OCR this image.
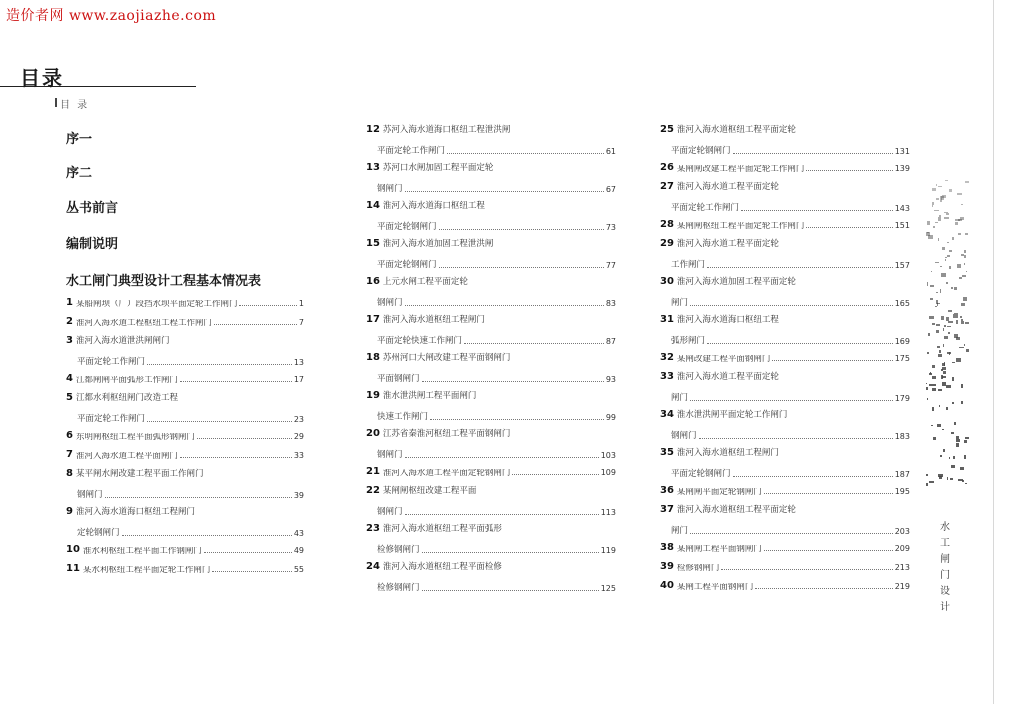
造价者网 www.zaojiazhe.com
目录
目 录
序一
序二
丛书前言
编制说明
水工闸门典型设计工程基本情况表
1 某船闸坝（厂）段挡水坝平面定轮工作闸门	1
2 淮河入海水道工程枢纽工程工作闸门	7
3 淮河入海水道泄洪闸闸门
平面定轮工作闸门	13
4 江都闸闸平面弧形工作闸门	17
5 江都水利枢纽闸门改造工程
平面定轮工作闸门	23
6 东明闸枢纽工程平面弧形钢闸门	29
7 淮河入海水道工程平面闸门	33
8 某平闸水闸改建工程平面工作闸门
钢闸门	39
9 淮河入海水道海口枢纽工程闸门
定轮钢闸门	43
10 淮水利枢纽工程平面工作钢闸门	49
11 某水利枢纽工程平面定轮工作闸门	55
12 苏河入海水道海口枢纽工程泄洪闸
平面定轮工作闸门	61
13 苏河口水闸加固工程平面定轮
钢闸门	67
14 淮河入海水道海口枢纽工程
平面定轮钢闸门	73
15 淮河入海水道加固工程泄洪闸
平面定轮钢闸门	77
16 上元水闸工程平面定轮
钢闸门	83
17 淮河入海水道枢纽工程闸门
平面定轮快速工作闸门	87
18 苏州河口大闸改建工程平面钢闸门
平面钢闸门	93
19 淮水泄洪闸工程平面闸门
快速工作闸门	99
20 江苏省秦淮河枢纽工程平面钢闸门
钢闸门	103
21 淮河入海水道工程平面定轮钢闸门	109
22 某闸闸枢纽改建工程平面
钢闸门	113
23 淮河入海水道枢纽工程平面弧形
检修钢闸门	119
24 淮河入海水道枢纽工程平面检修
检修钢闸门	125
25 淮河入海水道枢纽工程平面定轮
平面定轮钢闸门	131
26 某闸闸改建工程平面定轮工作闸门	139
27 淮河入海水道工程平面定轮
平面定轮工作闸门	143
28 某闸闸枢纽工程平面定轮工作闸门	151
29 淮河入海水道工程平面定轮
工作闸门	157
30 淮河入海水道加固工程平面定轮
闸门	165
31 淮河入海水道海口枢纽工程
弧形闸门	169
32 某闸改建工程平面钢闸门	175
33 淮河入海水道工程平面定轮
闸门	179
34 淮水泄洪闸平面定轮工作闸门
钢闸门	183
35 淮河入海水道枢纽工程闸门
平面定轮钢闸门	187
36 某闸闸平面定轮钢闸门	195
37 淮河入海水道枢纽工程平面定轮
闸门	203
38 某闸闸工程平面钢闸门	209
39 检修钢闸门	213
40 某闸工程平面钢闸门	219
水
工
闸
门
设
计
